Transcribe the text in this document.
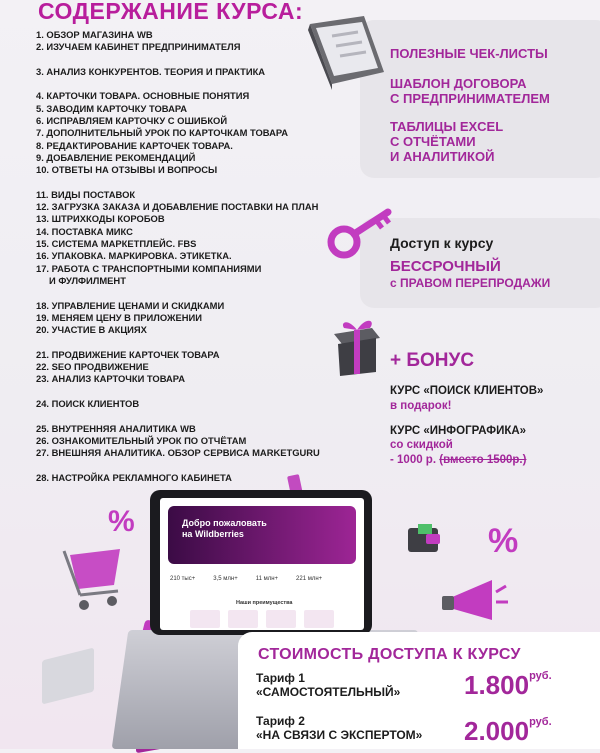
СОДЕРЖАНИЕ КУРСА:
1. ОБЗОР МАГАЗИНА WB
2. ИЗУЧАЕМ КАБИНЕТ ПРЕДПРИНИМАТЕЛЯ
3. АНАЛИЗ КОНКУРЕНТОВ. ТЕОРИЯ И ПРАКТИКА
4. КАРТОЧКИ ТОВАРА. ОСНОВНЫЕ ПОНЯТИЯ
5. ЗАВОДИМ КАРТОЧКУ ТОВАРА
6. ИСПРАВЛЯЕМ КАРТОЧКУ С ОШИБКОЙ
7. ДОПОЛНИТЕЛЬНЫЙ УРОК ПО КАРТОЧКАМ ТОВАРА
8. РЕДАКТИРОВАНИЕ КАРТОЧЕК ТОВАРА.
9. ДОБАВЛЕНИЕ РЕКОМЕНДАЦИЙ
10. ОТВЕТЫ НА ОТЗЫВЫ И ВОПРОСЫ
11. ВИДЫ ПОСТАВОК
12. ЗАГРУЗКА ЗАКАЗА И ДОБАВЛЕНИЕ ПОСТАВКИ НА ПЛАН
13. ШТРИХКОДЫ КОРОБОВ
14. ПОСТАВКА МИКС
15. СИСТЕМА МАРКЕТПЛЕЙС. FBS
16. УПАКОВКА. МАРКИРОВКА. ЭТИКЕТКА.
17. РАБОТА С ТРАНСПОРТНЫМИ КОМПАНИЯМИ
И ФУЛФИЛМЕНТ
18. УПРАВЛЕНИЕ ЦЕНАМИ И СКИДКАМИ
19. МЕНЯЕМ ЦЕНУ В ПРИЛОЖЕНИИ
20. УЧАСТИЕ В АКЦИЯХ
21. ПРОДВИЖЕНИЕ КАРТОЧЕК ТОВАРА
22. SEO ПРОДВИЖЕНИЕ
23. АНАЛИЗ КАРТОЧКИ ТОВАРА
24. ПОИСК КЛИЕНТОВ
25. ВНУТРЕННЯЯ АНАЛИТИКА WB
26. ОЗНАКОМИТЕЛЬНЫЙ УРОК ПО ОТЧЁТАМ
27. ВНЕШНЯЯ АНАЛИТИКА. ОБЗОР СЕРВИСА MARKETGURU
28. НАСТРОЙКА РЕКЛАМНОГО КАБИНЕТА
ПОЛЕЗНЫЕ ЧЕК-ЛИСТЫ
ШАБЛОН ДОГОВОРА
С ПРЕДПРИНИМАТЕЛЕМ
ТАБЛИЦЫ EXCEL
С ОТЧЁТАМИ
И АНАЛИТИКОЙ
Доступ к курсу
БЕССРОЧНЫЙ
с ПРАВОМ ПЕРЕПРОДАЖИ
+ БОНУС
КУРС «ПОИСК КЛИЕНТОВ»
в подарок!
КУРС «ИНФОГРАФИКА»
со скидкой
- 1000 р. (вместо 1500р.)
%
%
Добро пожаловать
на Wildberries
210 тыс+	3,5 млн+	11 млн+	221 млн+
Наши преимущества
СТОИМОСТЬ ДОСТУПА К КУРСУ
Тариф 1
«САМОСТОЯТЕЛЬНЫЙ» $1.800^{руб.}$
Тариф 2
«НА СВЯЗИ С ЭКСПЕРТОМ» $2.000^{руб.}$
